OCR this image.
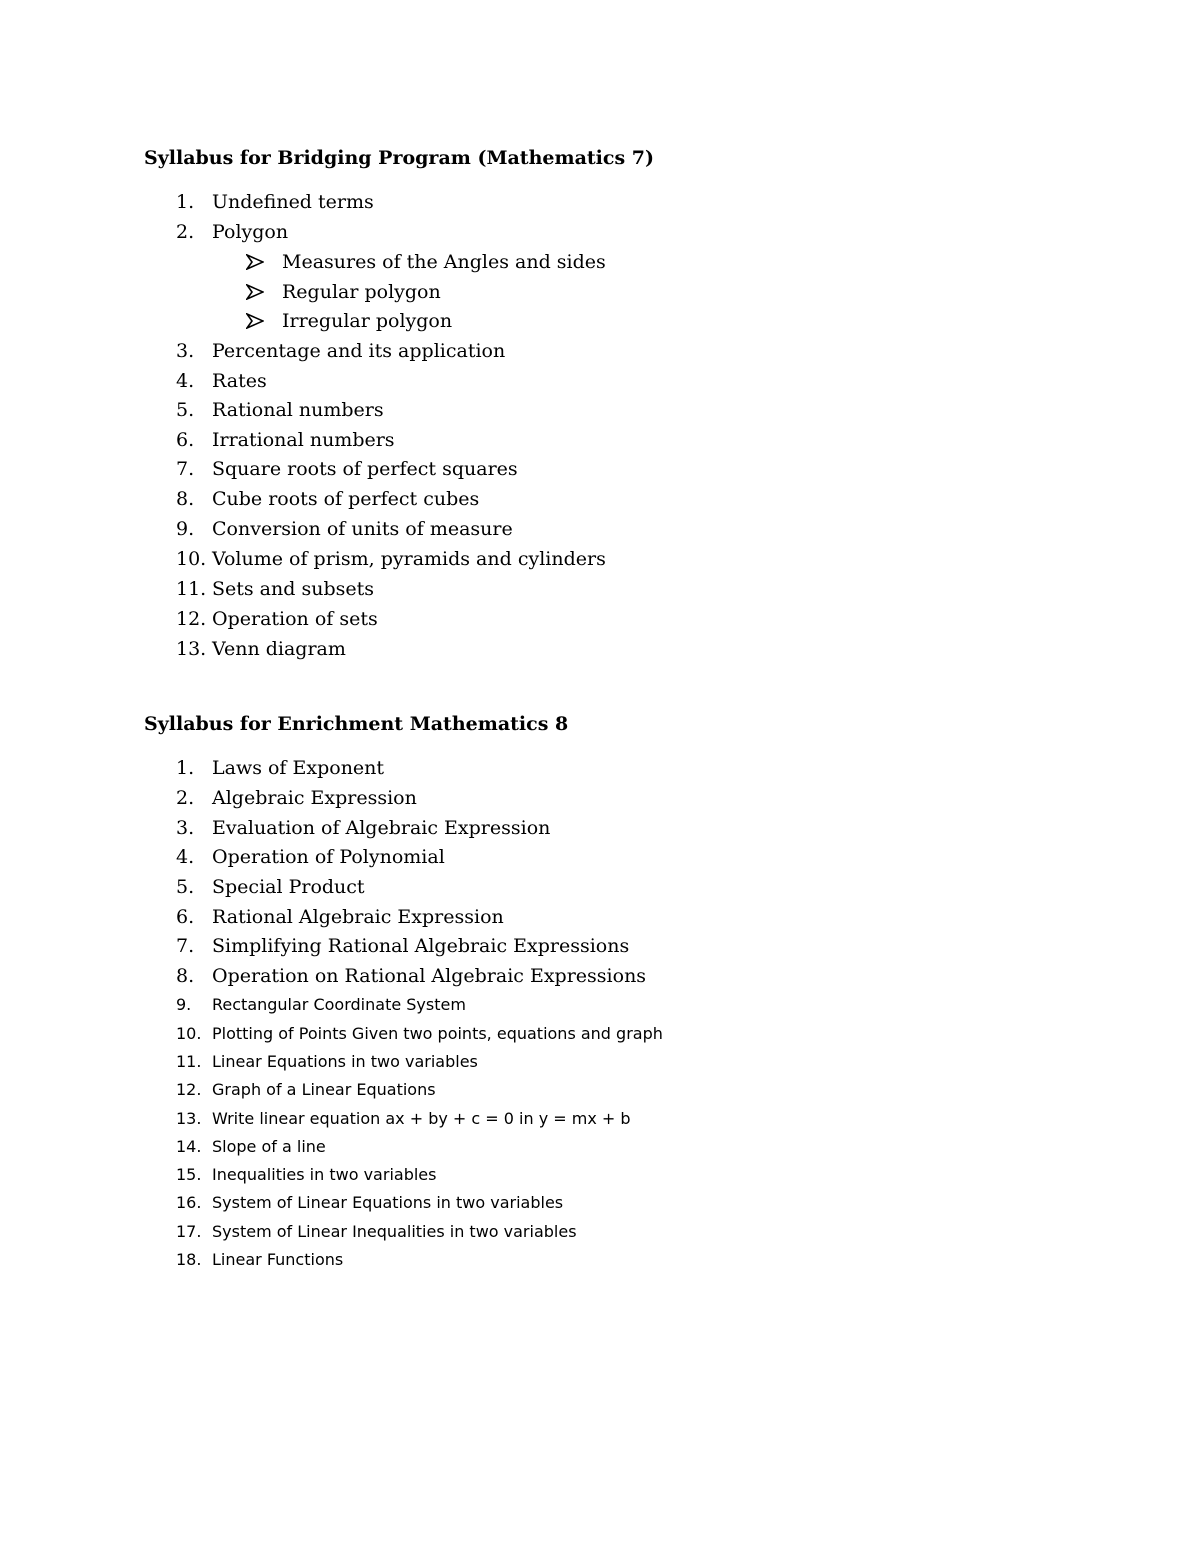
Syllabus for Bridging Program (Mathematics 7)
1. Undefined terms
2. Polygon
Measures of the Angles and sides
Regular polygon
Irregular polygon
3. Percentage and its application
4. Rates
5. Rational numbers
6. Irrational numbers
7. Square roots of perfect squares
8. Cube roots of perfect cubes
9. Conversion of units of measure
10. Volume of prism, pyramids and cylinders
11. Sets and subsets
12. Operation of sets
13. Venn diagram
Syllabus for Enrichment Mathematics 8
1. Laws of Exponent
2. Algebraic Expression
3. Evaluation of Algebraic Expression
4. Operation of Polynomial
5. Special Product
6. Rational Algebraic Expression
7. Simplifying Rational Algebraic Expressions
8. Operation on Rational Algebraic Expressions
9. Rectangular Coordinate System
10. Plotting of Points Given two points, equations and graph
11. Linear Equations in two variables
12. Graph of a Linear Equations
13. Write linear equation ax + by + c = 0 in y = mx + b
14. Slope of a line
15. Inequalities in two variables
16. System of Linear Equations in two variables
17. System of Linear Inequalities in two variables
18. Linear Functions
